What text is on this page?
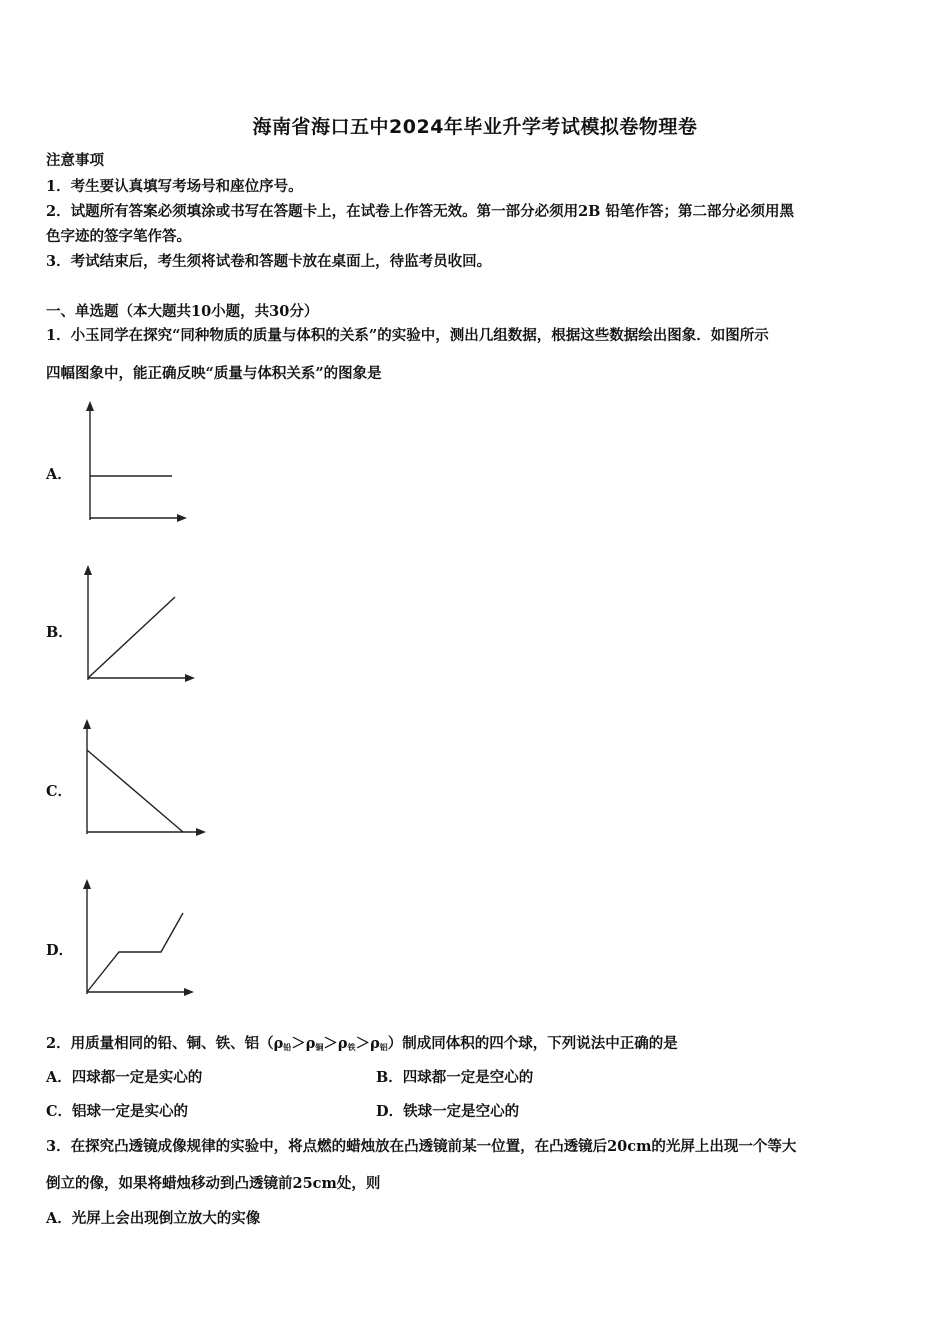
海南省海口五中2024年毕业升学考试模拟卷物理卷
注意事项
1．考生要认真填写考场号和座位序号。
2．试题所有答案必须填涂或书写在答题卡上，在试卷上作答无效。第一部分必须用2B 铅笔作答；第二部分必须用黑
色字迹的签字笔作答。
3．考试结束后，考生须将试卷和答题卡放在桌面上，待监考员收回。
一、单选题（本大题共10小题，共30分）
1．小玉同学在探究“同种物质的质量与体积的关系”的实验中，测出几组数据，根据这些数据绘出图象．如图所示
四幅图象中，能正确反映“质量与体积关系”的图象是
A．
B．
C．
D．
2．用质量相同的铅、铜、铁、铝$(\rho_铅>\rho_铜>\rho_铁>\rho_铝)$制成同体积的四个球，下列说法中正确的是
A．四球都一定是实心的	B．四球都一定是空心的
C．铝球一定是实心的	D．铁球一定是空心的
3．在探究凸透镜成像规律的实验中，将点燃的蜡烛放在凸透镜前某一位置，在凸透镜后20cm的光屏上出现一个等大
倒立的像，如果将蜡烛移动到凸透镜前25cm处，则
A．光屏上会出现倒立放大的实像
